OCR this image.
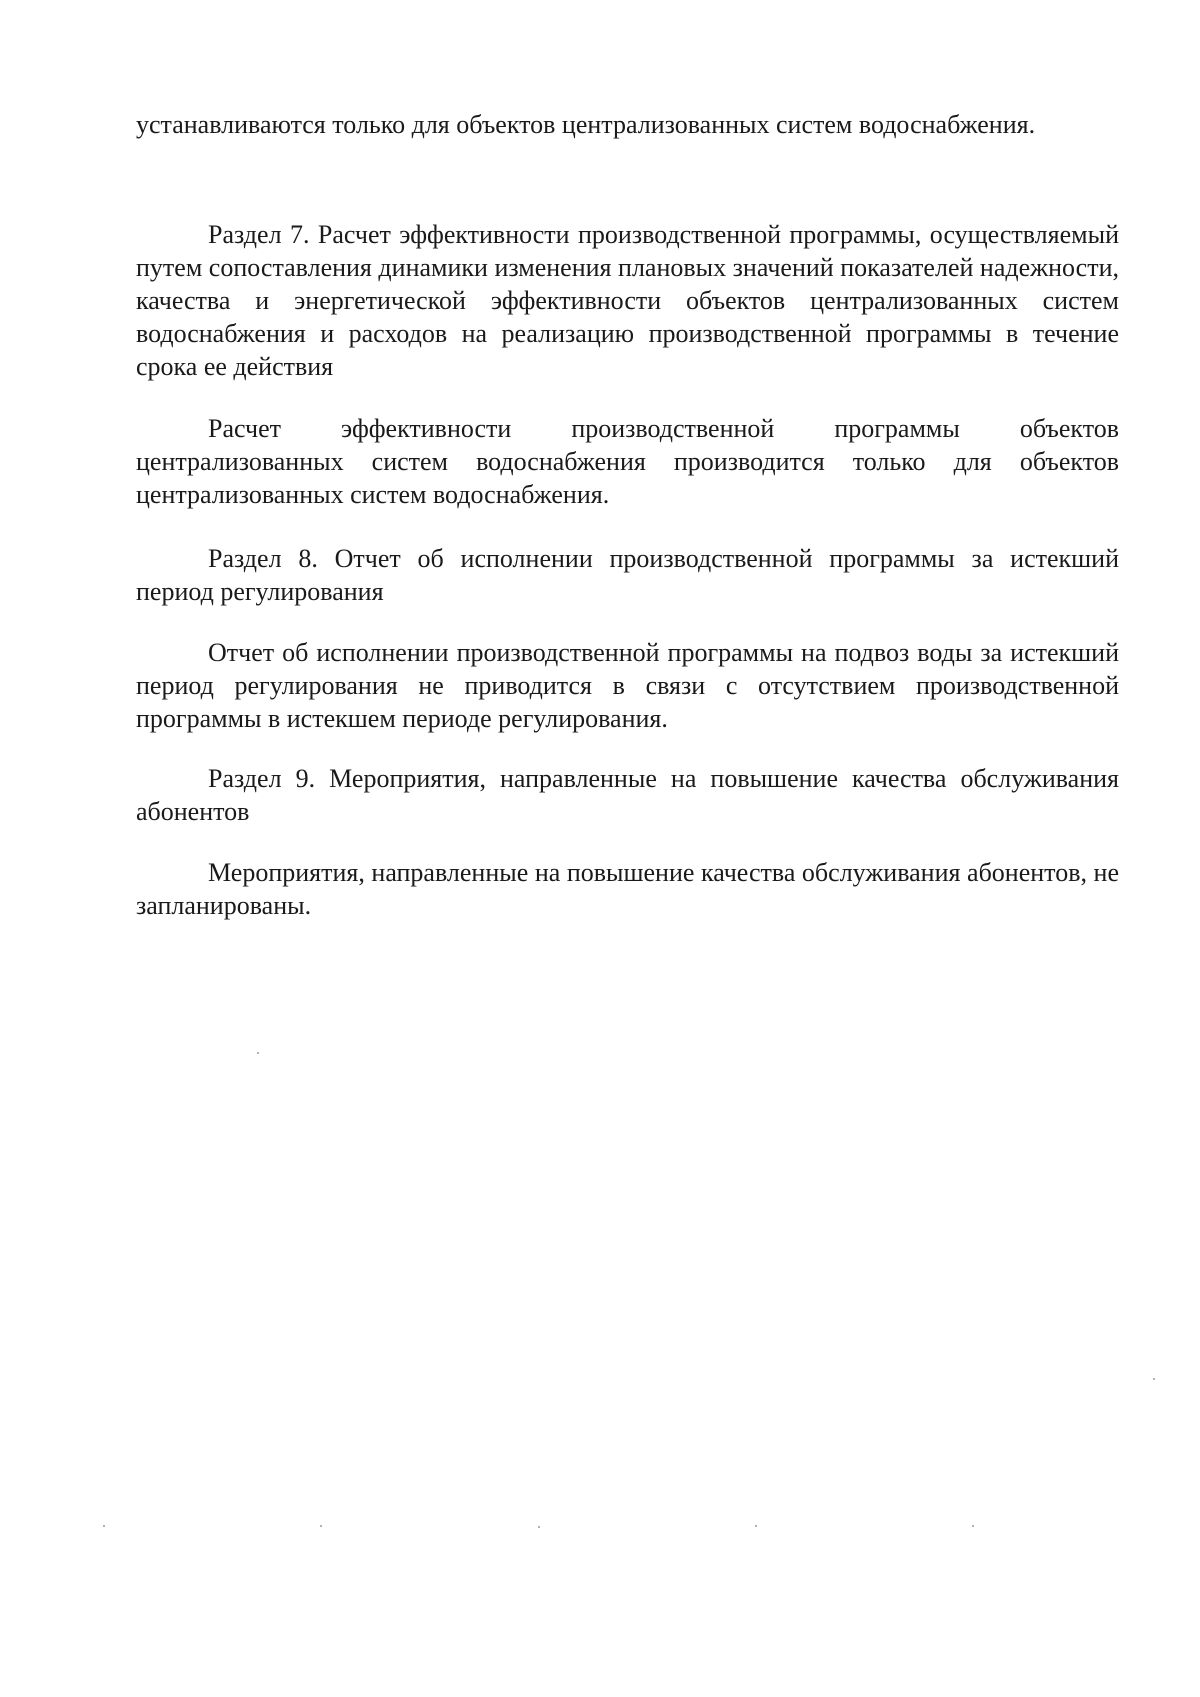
устанавливаются только для объектов централизованных систем водоснабжения.

Раздел 7. Расчет эффективности производственной программы, осуществляемый путем сопоставления динамики изменения плановых значений показателей надежности, качества и энергетической эффективности объектов централизованных систем водоснабжения и расходов на реализацию производственной программы в течение срока ее действия

Расчет эффективности производственной программы объектов централизованных систем водоснабжения производится только для объектов централизованных систем водоснабжения.

Раздел 8. Отчет об исполнении производственной программы за истекший период регулирования

Отчет об исполнении производственной программы на подвоз воды за истекший период регулирования не приводится в связи с отсутствием производственной программы в истекшем периоде регулирования.

Раздел 9. Мероприятия, направленные на повышение качества обслуживания абонентов

Мероприятия, направленные на повышение качества обслуживания абонентов, не запланированы.
